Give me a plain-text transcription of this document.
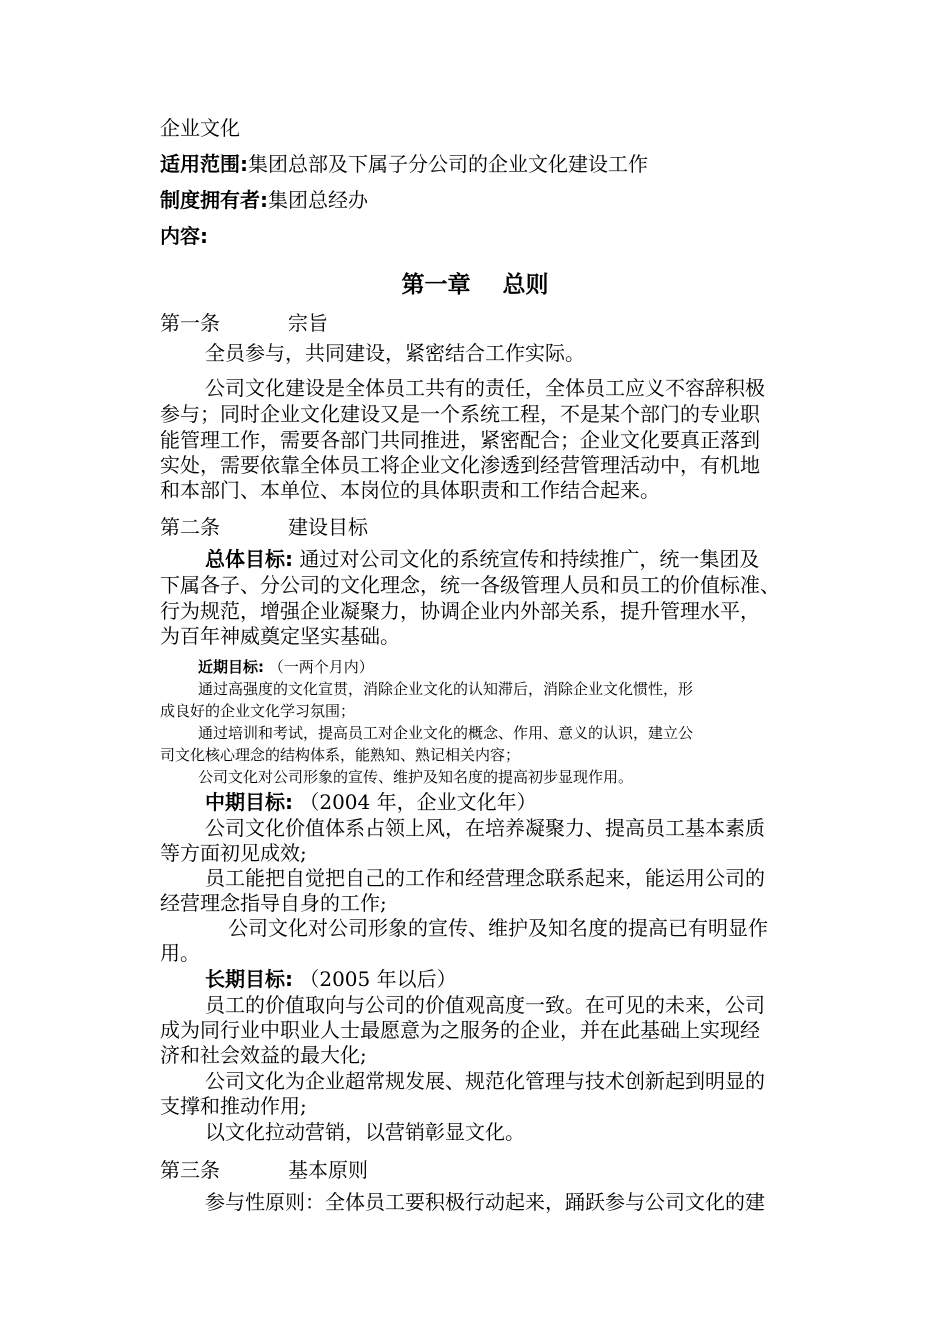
企业文化
适用范围:集团总部及下属子分公司的企业文化建设工作
制度拥有者:集团总经办
内容:
第一章    总则
第一条	宗旨
全员参与，共同建设，紧密结合工作实际。
公司文化建设是全体员工共有的责任，全体员工应义不容辞积极
参与；同时企业文化建设又是一个系统工程，不是某个部门的专业职
能管理工作，需要各部门共同推进，紧密配合；企业文化要真正落到
实处，需要依靠全体员工将企业文化渗透到经营管理活动中，有机地
和本部门、本单位、本岗位的具体职责和工作结合起来。
第二条	建设目标
总体目标: 通过对公司文化的系统宣传和持续推广，统一集团及
下属各子、分公司的文化理念，统一各级管理人员和员工的价值标准、
行为规范，增强企业凝聚力，协调企业内外部关系，提升管理水平，
为百年神威奠定坚实基础。
近期目标: （一两个月内）
通过高强度的文化宣贯，消除企业文化的认知滞后，消除企业文化惯性，形
成良好的企业文化学习氛围；
通过培训和考试，提高员工对企业文化的概念、作用、意义的认识，建立公
司文化核心理念的结构体系，能熟知、熟记相关内容；
公司文化对公司形象的宣传、维护及知名度的提高初步显现作用。
中期目标: （2004 年，企业文化年）
公司文化价值体系占领上风，在培养凝聚力、提高员工基本素质
等方面初见成效;
员工能把自觉把自己的工作和经营理念联系起来，能运用公司的
经营理念指导自身的工作;
公司文化对公司形象的宣传、维护及知名度的提高已有明显作
用。
长期目标: （2005 年以后）
员工的价值取向与公司的价值观高度一致。在可见的未来，公司
成为同行业中职业人士最愿意为之服务的企业，并在此基础上实现经
济和社会效益的最大化;
公司文化为企业超常规发展、规范化管理与技术创新起到明显的
支撑和推动作用;
以文化拉动营销，以营销彰显文化。
第三条	基本原则
参与性原则：全体员工要积极行动起来，踊跃参与公司文化的建
